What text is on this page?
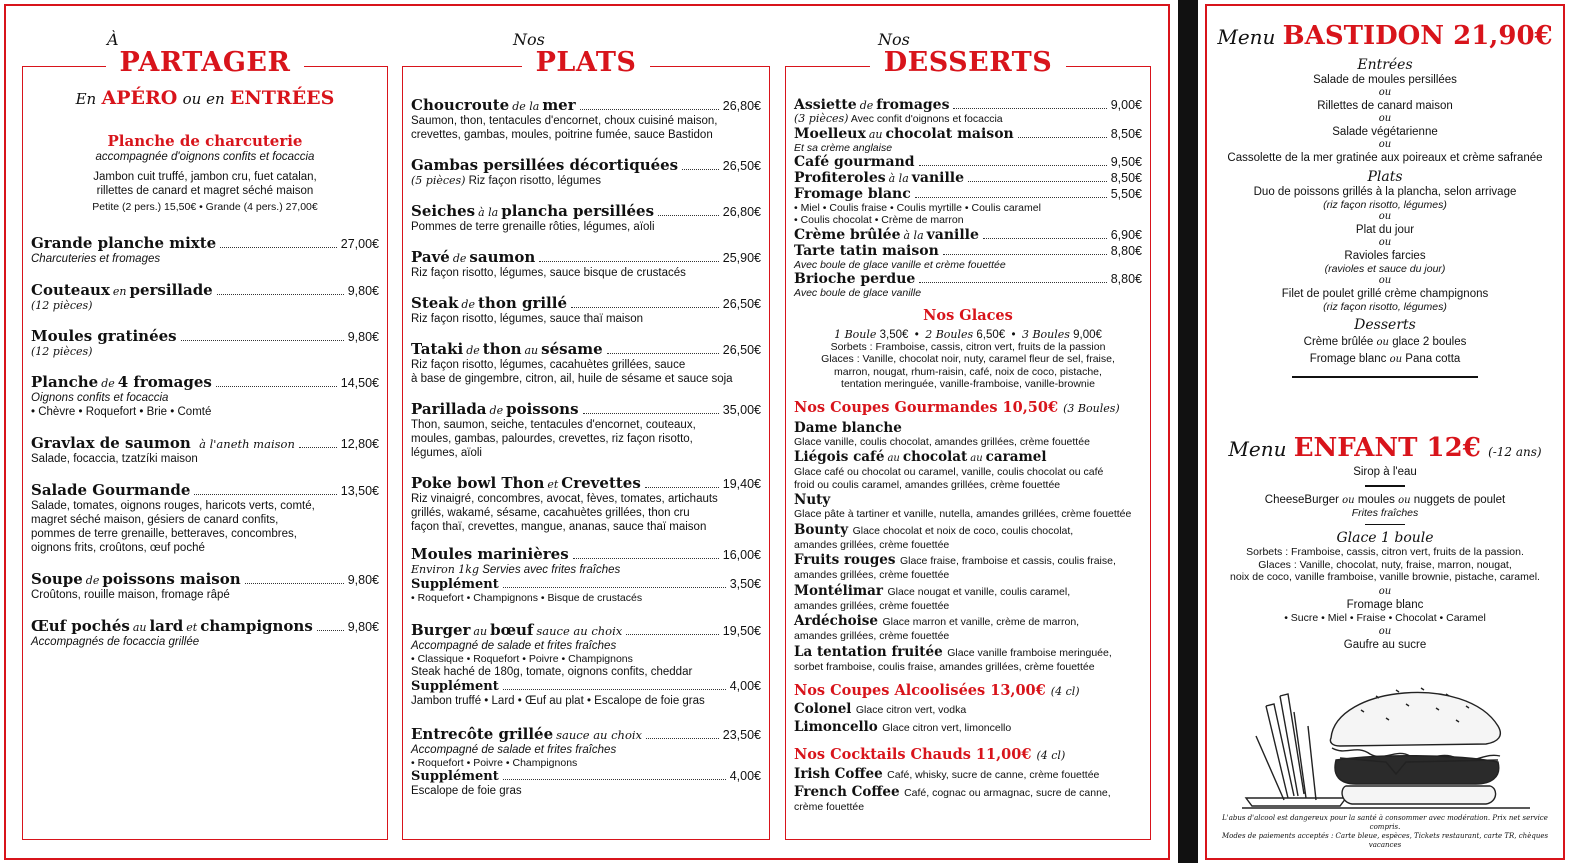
À
PARTAGER
En APÉRO ou en ENTRÉES
Planche de charcuterie
accompagnée d'oignons confits et focaccia
Jambon cuit truffé, jambon cru, fuet catalan,
rillettes de canard et magret séché maison
Petite (2 pers.) 15,50€ • Grande (4 pers.) 27,00€
Grande planche mixte	27,00€
Charcuteries et fromages
Couteaux en persillade	9,80€
(12 pièces)
Moules gratinées	9,80€
(12 pièces)
Planche de 4 fromages	14,50€
Oignons confits et focaccia
• Chèvre • Roquefort • Brie • Comté
Gravlax de saumon à l'aneth maison	12,80€
Salade, focaccia, tzatzíki maison
Salade Gourmande	13,50€
Salade, tomates, oignons rouges, haricots verts, comté,
magret séché maison, gésiers de canard confits,
pommes de terre grenaille, betteraves, concombres,
oignons frits, croûtons, œuf poché
Soupe de poissons maison	9,80€
Croûtons, rouille maison, fromage râpé
Œuf pochés au lard et champignons	9,80€
Accompagnés de focaccia grillée
Nos
PLATS
Choucroute de la mer	26,80€
Saumon, thon, tentacules d'encornet, choux cuisiné maison,
crevettes, gambas, moules, poitrine fumée, sauce Bastidon
Gambas persillées décortiquées	26,50€
(5 pièces) Riz façon risotto, légumes
Seiches à la plancha persillées	26,80€
Pommes de terre grenaille rôties, légumes, aïoli
Pavé de saumon	25,90€
Riz façon risotto, légumes, sauce bisque de crustacés
Steak de thon grillé	26,50€
Riz façon risotto, légumes, sauce thaï maison
Tataki de thon au sésame	26,50€
Riz façon risotto, légumes, cacahuètes grillées, sauce
à base de gingembre, citron, ail, huile de sésame et sauce soja
Parillada de poissons	35,00€
Thon, saumon, seiche, tentacules d'encornet, couteaux,
moules, gambas, palourdes, crevettes, riz façon risotto,
légumes, aïoli
Poke bowl Thon et Crevettes	19,40€
Riz vinaigré, concombres, avocat, fèves, tomates, artichauts
grillés, wakamé, sésame, cacahuètes grillées, thon cru
façon thaï, crevettes, mangue, ananas, sauce thaï maison
Moules marinières	16,00€
Environ 1kg Servies avec frites fraîches
Supplément	3,50€
• Roquefort • Champignons • Bisque de crustacés
Burger au bœuf sauce au choix	19,50€
Accompagné de salade et frites fraîches
• Classique • Roquefort • Poivre • Champignons
Steak haché de 180g, tomate, oignons confits, cheddar
Supplément	4,00€
Jambon truffé • Lard • Œuf au plat • Escalope de foie gras
Entrecôte grillée sauce au choix	23,50€
Accompagné de salade et frites fraîches
• Roquefort • Poivre • Champignons
Supplément	4,00€
Escalope de foie gras
Nos
DESSERTS
Assiette de fromages	9,00€
(3 pièces) Avec confit d'oignons et focaccia
Moelleux au chocolat maison	8,50€
Et sa crème anglaise
Café gourmand	9,50€
Profiteroles à la vanille	8,50€
Fromage blanc	5,50€
• Miel • Coulis fraise • Coulis myrtille • Coulis caramel
• Coulis chocolat • Crème de marron
Crème brûlée à la vanille	6,90€
Tarte tatin maison	8,80€
Avec boule de glace vanille et crème fouettée
Brioche perdue	8,80€
Avec boule de glace vanille
Nos Glaces
1 Boule 3,50€  •  2 Boules 6,50€  •  3 Boules 9,00€
Sorbets : Framboise, cassis, citron vert, fruits de la passion
Glaces : Vanille, chocolat noir, nuty, caramel fleur de sel, fraise,
marron, nougat, rhum-raisin, café, noix de coco, pistache,
tentation meringuée, vanille-framboise, vanille-brownie
Nos Coupes Gourmandes 10,50€ (3 Boules)
Dame blanche
Glace vanille, coulis chocolat, amandes grillées, crème fouettée
Liégois café au chocolat au caramel
Glace café ou chocolat ou caramel, vanille, coulis chocolat ou café
froid ou coulis caramel, amandes grillées, crème fouettée
Nuty
Glace pâte à tartiner et vanille, nutella, amandes grillées, crème fouettée
Bounty Glace chocolat et noix de coco, coulis chocolat,
amandes grillées, crème fouettée
Fruits rouges Glace fraise, framboise et cassis, coulis fraise,
amandes grillées, crème fouettée
Montélimar Glace nougat et vanille, coulis caramel,
amandes grillées, crème fouettée
Ardéchoise Glace marron et vanille, crème de marron,
amandes grillées, crème fouettée
La tentation fruitée Glace vanille framboise meringuée,
sorbet framboise, coulis fraise, amandes grillées, crème fouettée
Nos Coupes Alcoolisées 13,00€ (4 cl)
Colonel Glace citron vert, vodka
Limoncello Glace citron vert, limoncello
Nos Cocktails Chauds 11,00€ (4 cl)
Irish Coffee Café, whisky, sucre de canne, crème fouettée
French Coffee Café, cognac ou armagnac, sucre de canne,
crème fouettée
Menu BASTIDON 21,90€
Entrées
Salade de moules persillées
ou
Rillettes de canard maison
ou
Salade végétarienne
ou
Cassolette de la mer gratinée aux poireaux et crème safranée
Plats
Duo de poissons grillés à la plancha, selon arrivage
(riz façon risotto, légumes)
ou
Plat du jour
ou
Ravioles farcies
(ravioles et sauce du jour)
ou
Filet de poulet grillé crème champignons
(riz façon risotto, légumes)
Desserts
Crème brûlée ou glace 2 boules
Fromage blanc ou Pana cotta
Menu ENFANT 12€ (-12 ans)
Sirop à l'eau
CheeseBurger ou moules ou nuggets de poulet
Frites fraîches
Glace 1 boule
Sorbets : Framboise, cassis, citron vert, fruits de la passion.
Glaces : Vanille, chocolat, nuty, fraise, marron, nougat,
noix de coco, vanille framboise, vanille brownie, pistache, caramel.
ou
Fromage blanc
• Sucre • Miel • Fraise • Chocolat • Caramel
ou
Gaufre au sucre
L'abus d'alcool est dangereux pour la santé à consommer avec modération. Prix net service compris.
Modes de paiements acceptés : Carte bleue, espèces, Tickets restaurant, carte TR, chèques vacances
